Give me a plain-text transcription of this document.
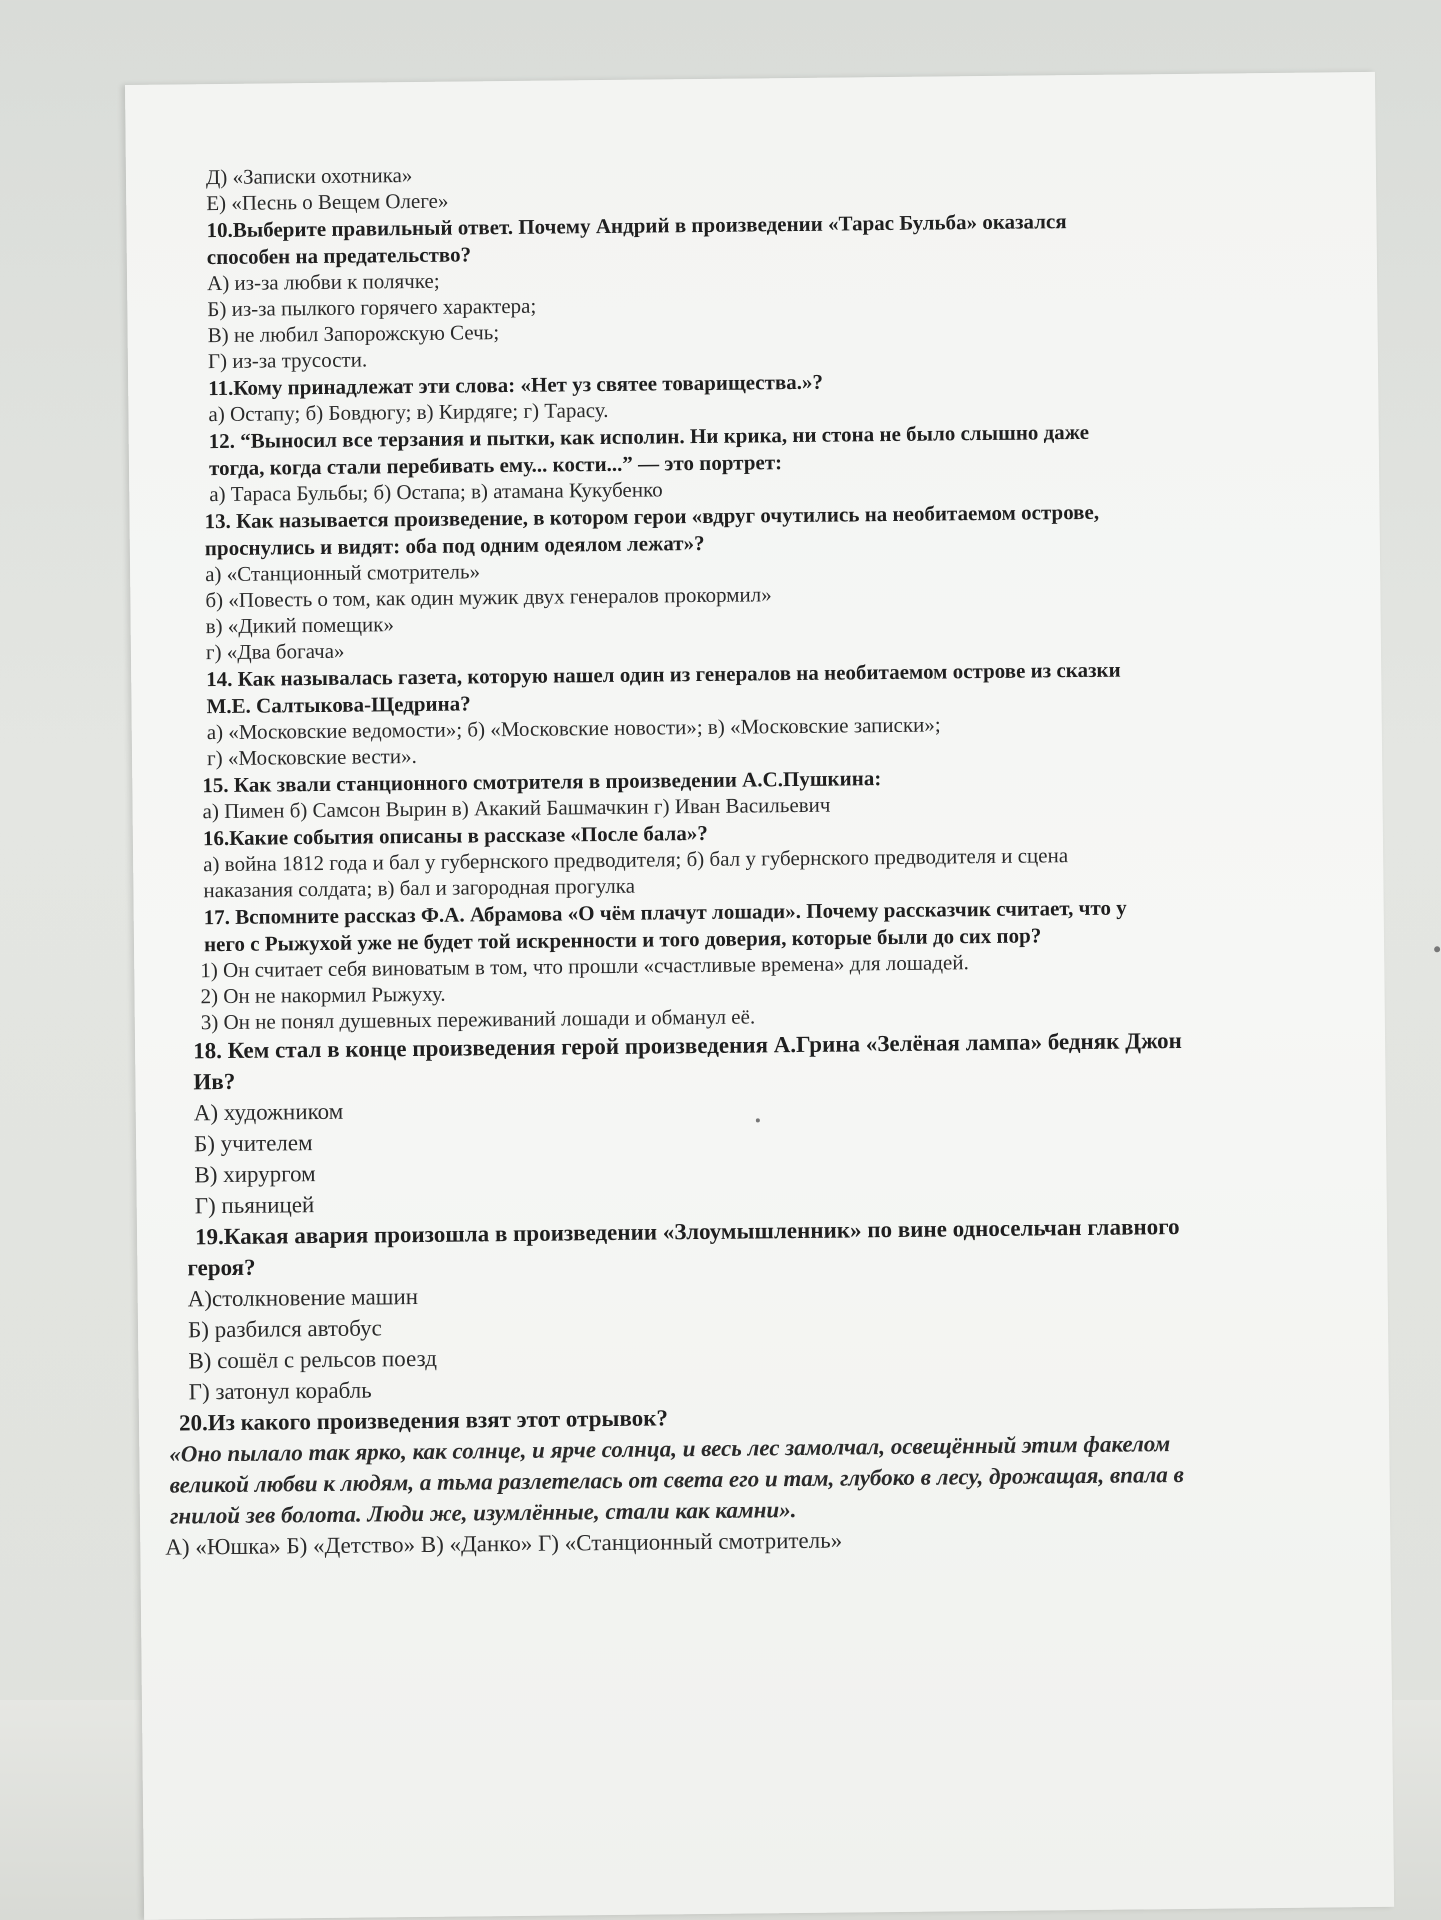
Д) «Записки охотника»
Е) «Песнь о Вещем Олеге»
10.Выберите правильный ответ. Почему Андрий в произведении «Тарас Бульба» оказался
способен на предательство?
А) из-за любви к полячке;
Б) из-за пылкого горячего характера;
В) не любил Запорожскую Сечь;
Г) из-за трусости.
11.Кому принадлежат эти слова: «Нет уз святее товарищества.»?
а) Остапу; б) Бовдюгу; в) Кирдяге; г) Тарасу.
12. “Выносил все терзания и пытки, как исполин. Ни крика, ни стона не было слышно даже
тогда, когда стали перебивать ему... кости...” — это портрет:
а) Тараса Бульбы; б) Остапа; в) атамана Кукубенко
13. Как называется произведение, в котором герои «вдруг очутились на необитаемом острове,
проснулись и видят: оба под одним одеялом лежат»?
а) «Станционный смотритель»
б) «Повесть о том, как один мужик двух генералов прокормил»
в) «Дикий помещик»
г) «Два богача»
14. Как называлась газета, которую нашел один из генералов на необитаемом острове из сказки
М.Е. Салтыкова-Щедрина?
а) «Московские ведомости»; б) «Московские новости»; в) «Московские записки»;
г) «Московские вести».
15. Как звали станционного смотрителя в произведении А.С.Пушкина:
а) Пимен б) Самсон Вырин в) Акакий Башмачкин г) Иван Васильевич
16.Какие события описаны в рассказе «После бала»?
а) война 1812 года и бал у губернского предводителя; б) бал у губернского предводителя и сцена
наказания солдата; в) бал и загородная прогулка
17. Вспомните рассказ Ф.А. Абрамова «О чём плачут лошади». Почему рассказчик считает, что у
него с Рыжухой уже не будет той искренности и того доверия, которые были до сих пор?
1) Он считает себя виноватым в том, что прошли «счастливые времена» для лошадей.
2) Он не накормил Рыжуху.
3) Он не понял душевных переживаний лошади и обманул её.
18. Кем стал в конце произведения герой произведения А.Грина «Зелёная лампа» бедняк Джон
Ив?
А) художником
Б) учителем
В) хирургом
Г) пьяницей
19.Какая авария произошла в произведении «Злоумышленник» по вине односельчан главного
героя?
А)столкновение машин
Б) разбился автобус
В) сошёл с рельсов поезд
Г) затонул корабль
20.Из какого произведения взят этот отрывок?
«Оно пылало так ярко, как солнце, и ярче солнца, и весь лес замолчал, освещённый этим факелом
великой любви к людям, а тьма разлетелась от света его и там, глубоко в лесу, дрожащая, впала в
гнилой зев болота. Люди же, изумлённые, стали как камни».
А) «Юшка» Б) «Детство» В) «Данко» Г) «Станционный смотритель»
